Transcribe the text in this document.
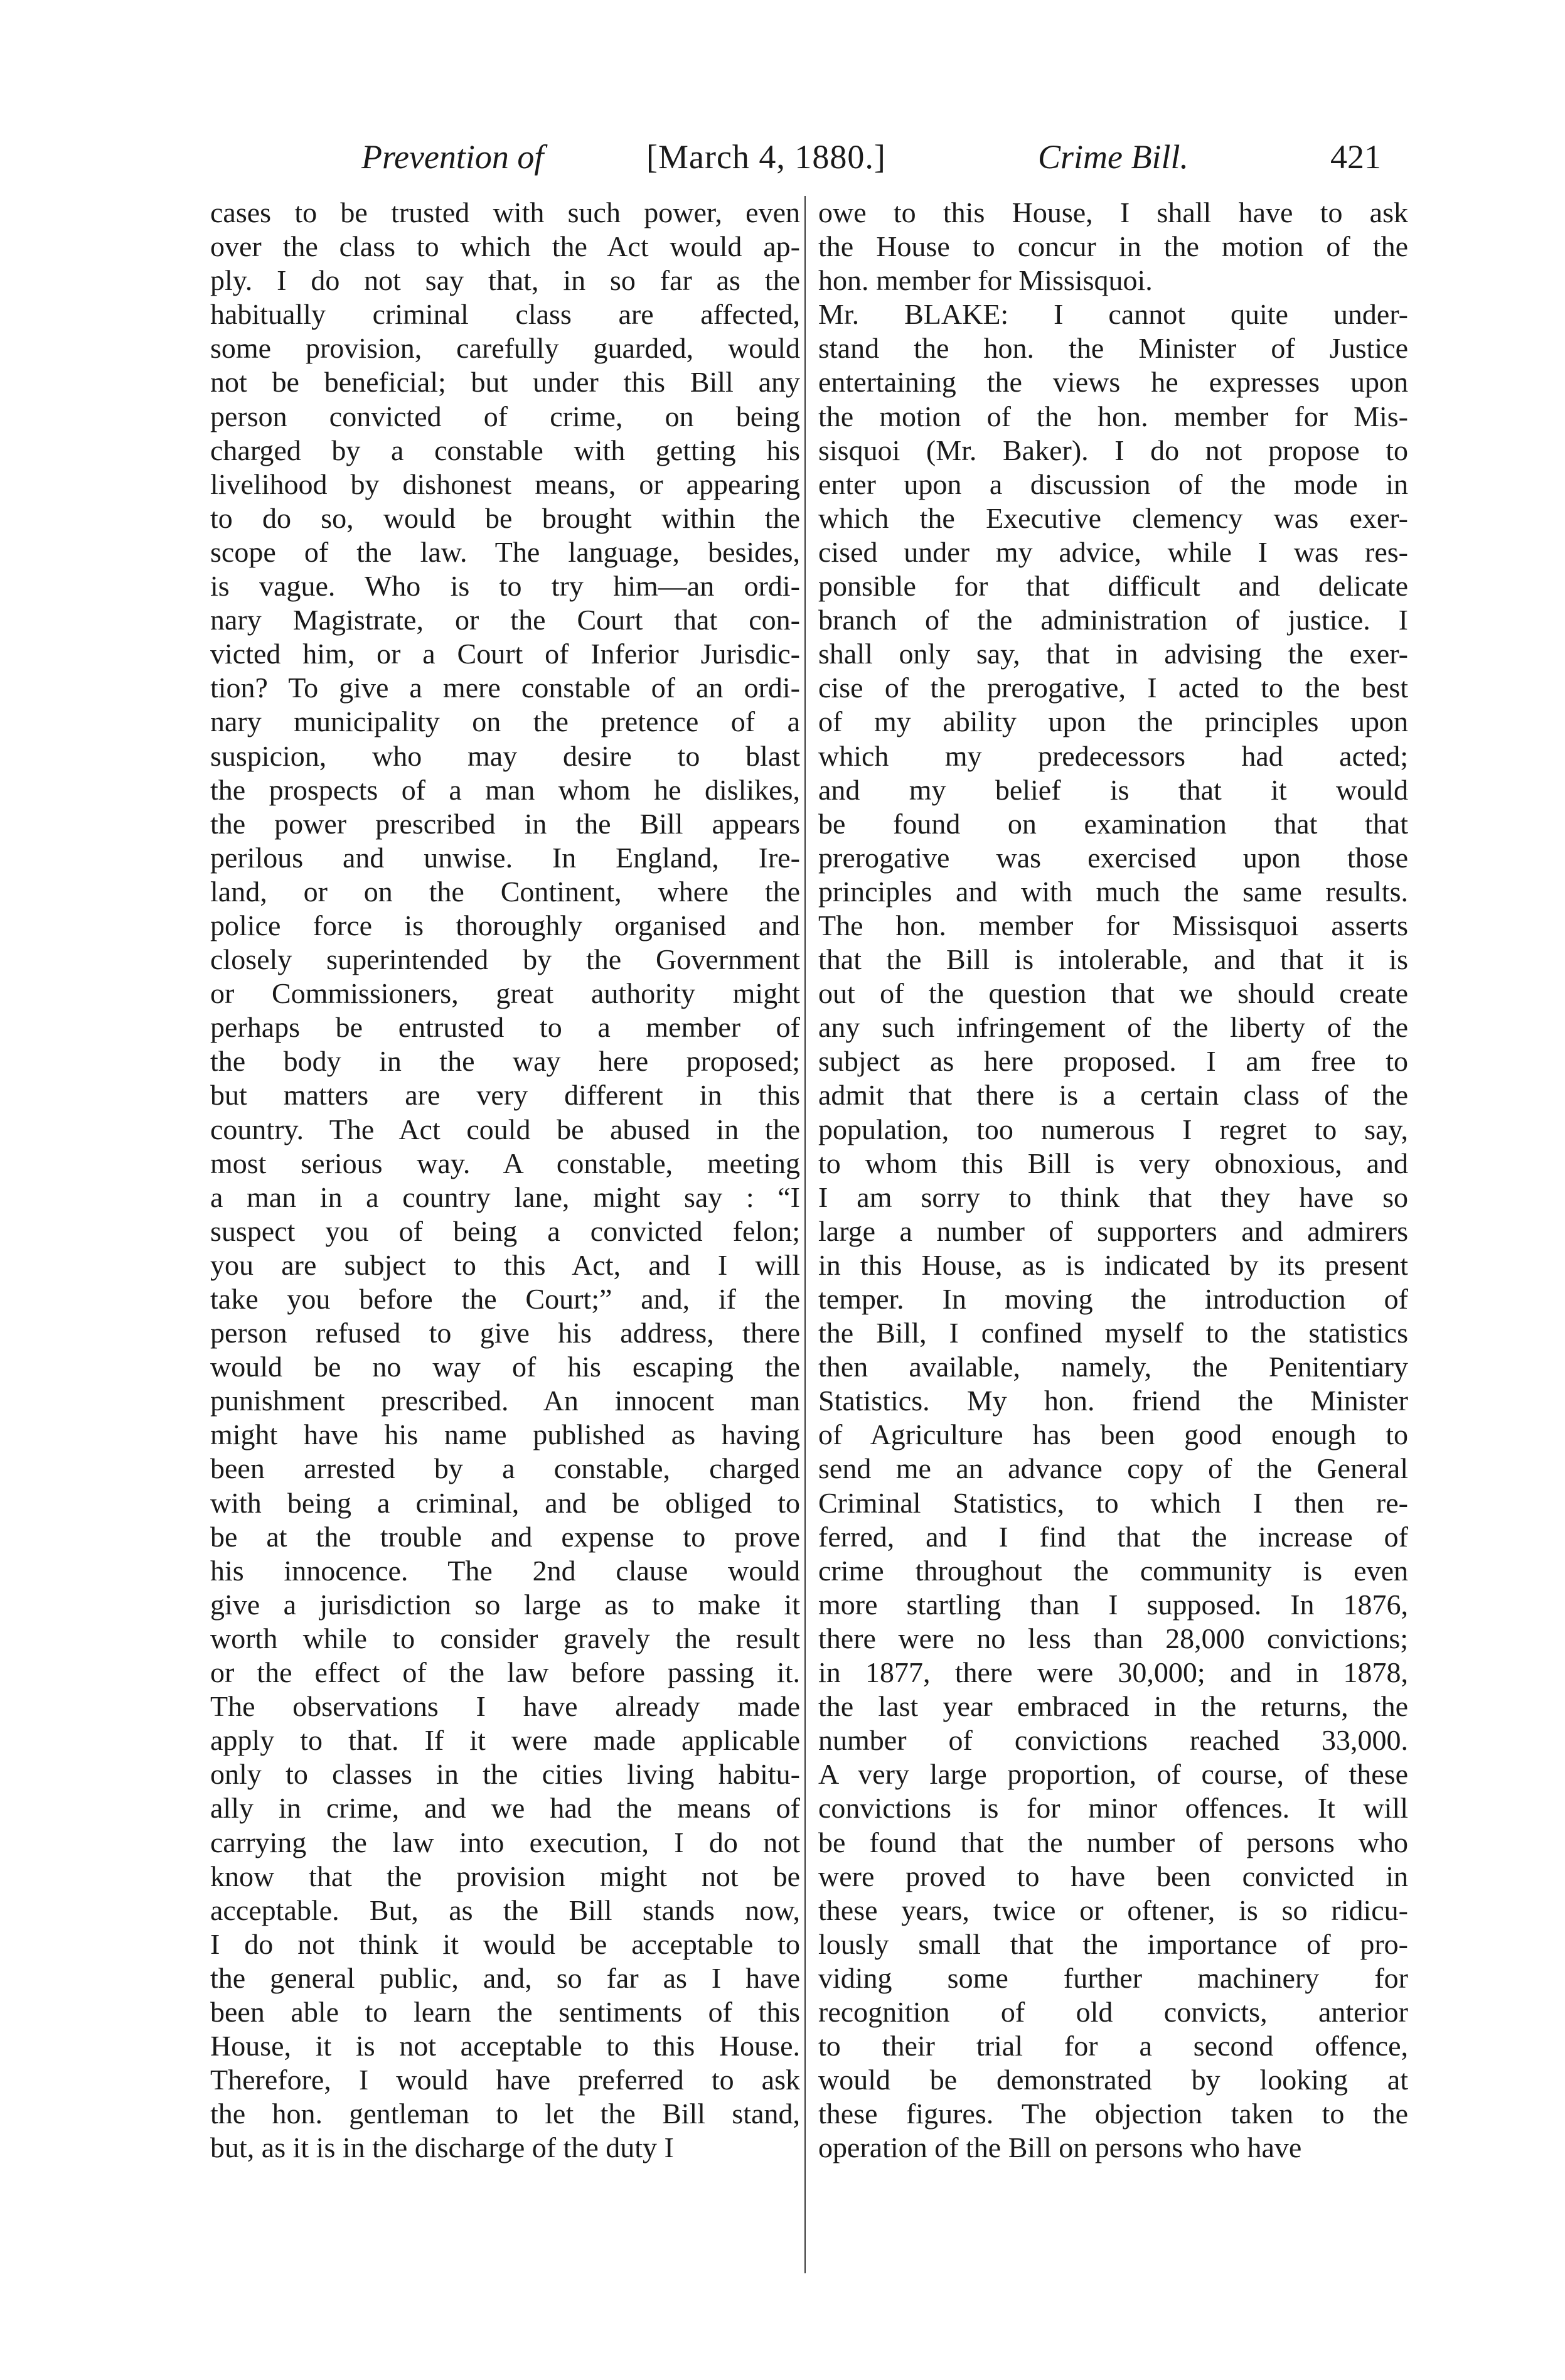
Prevention of	[March 4, 1880.]	Crime Bill.	421
cases to be trusted with such power, even
over the class to which the Act would ap-
ply. I do not say that, in so far as the
habitually criminal class are affected,
some provision, carefully guarded, would
not be beneficial; but under this Bill any
person convicted of crime, on being
charged by a constable with getting his
livelihood by dishonest means, or appearing
to do so, would be brought within the
scope of the law. The language, besides,
is vague. Who is to try him—an ordi-
nary Magistrate, or the Court that con-
victed him, or a Court of Inferior Jurisdic-
tion? To give a mere constable of an ordi-
nary municipality on the pretence of a
suspicion, who may desire to blast
the prospects of a man whom he dislikes,
the power prescribed in the Bill appears
perilous and unwise. In England, Ire-
land, or on the Continent, where the
police force is thoroughly organised and
closely superintended by the Government
or Commissioners, great authority might
perhaps be entrusted to a member of
the body in the way here proposed;
but matters are very different in this
country. The Act could be abused in the
most serious way. A constable, meeting
a man in a country lane, might say : “I
suspect you of being a convicted felon;
you are subject to this Act, and I will
take you before the Court;” and, if the
person refused to give his address, there
would be no way of his escaping the
punishment prescribed. An innocent man
might have his name published as having
been arrested by a constable, charged
with being a criminal, and be obliged to
be at the trouble and expense to prove
his innocence. The 2nd clause would
give a jurisdiction so large as to make it
worth while to consider gravely the result
or the effect of the law before passing it.
The observations I have already made
apply to that. If it were made applicable
only to classes in the cities living habitu-
ally in crime, and we had the means of
carrying the law into execution, I do not
know that the provision might not be
acceptable. But, as the Bill stands now,
I do not think it would be acceptable to
the general public, and, so far as I have
been able to learn the sentiments of this
House, it is not acceptable to this House.
Therefore, I would have preferred to ask
the hon. gentleman to let the Bill stand,
but, as it is in the discharge of the duty I
owe to this House, I shall have to ask
the House to concur in the motion of the
hon. member for Missisquoi.
Mr. BLAKE: I cannot quite under-
stand the hon. the Minister of Justice
entertaining the views he expresses upon
the motion of the hon. member for Mis-
sisquoi (Mr. Baker). I do not propose to
enter upon a discussion of the mode in
which the Executive clemency was exer-
cised under my advice, while I was res-
ponsible for that difficult and delicate
branch of the administration of justice. I
shall only say, that in advising the exer-
cise of the prerogative, I acted to the best
of my ability upon the principles upon
which my predecessors had acted;
and my belief is that it would
be found on examination that that
prerogative was exercised upon those
principles and with much the same results.
The hon. member for Missisquoi asserts
that the Bill is intolerable, and that it is
out of the question that we should create
any such infringement of the liberty of the
subject as here proposed. I am free to
admit that there is a certain class of the
population, too numerous I regret to say,
to whom this Bill is very obnoxious, and
I am sorry to think that they have so
large a number of supporters and admirers
in this House, as is indicated by its present
temper. In moving the introduction of
the Bill, I confined myself to the statistics
then available, namely, the Penitentiary
Statistics. My hon. friend the Minister
of Agriculture has been good enough to
send me an advance copy of the General
Criminal Statistics, to which I then re-
ferred, and I find that the increase of
crime throughout the community is even
more startling than I supposed. In 1876,
there were no less than 28,000 convictions;
in 1877, there were 30,000; and in 1878,
the last year embraced in the returns, the
number of convictions reached 33,000.
A very large proportion, of course, of these
convictions is for minor offences. It will
be found that the number of persons who
were proved to have been convicted in
these years, twice or oftener, is so ridicu-
lously small that the importance of pro-
viding some further machinery for
recognition of old convicts, anterior
to their trial for a second offence,
would be demonstrated by looking at
these figures. The objection taken to the
operation of the Bill on persons who have
